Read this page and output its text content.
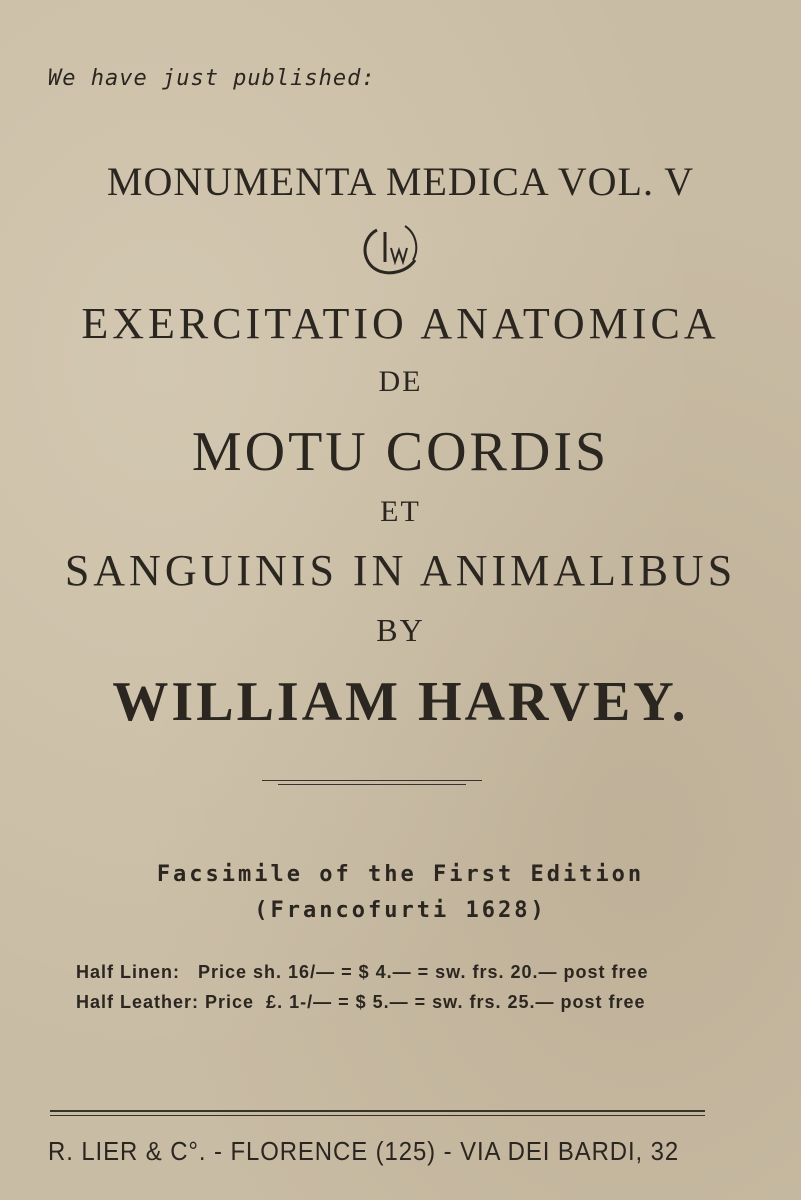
We have just published:
MONUMENTA MEDICA VOL. V
EXERCITATIO ANATOMICA
DE
MOTU CORDIS
ET
SANGUINIS IN ANIMALIBUS
BY
WILLIAM HARVEY.
Facsimile of the First Edition
(Francofurti 1628)
Half Linen:   Price sh. 16/— = $ 4.— = sw. frs. 20.— post free
Half Leather: Price  £. 1-/— = $ 5.— = sw. frs. 25.— post free
R. LIER & C°. - FLORENCE (125) - VIA DEI BARDI, 32
